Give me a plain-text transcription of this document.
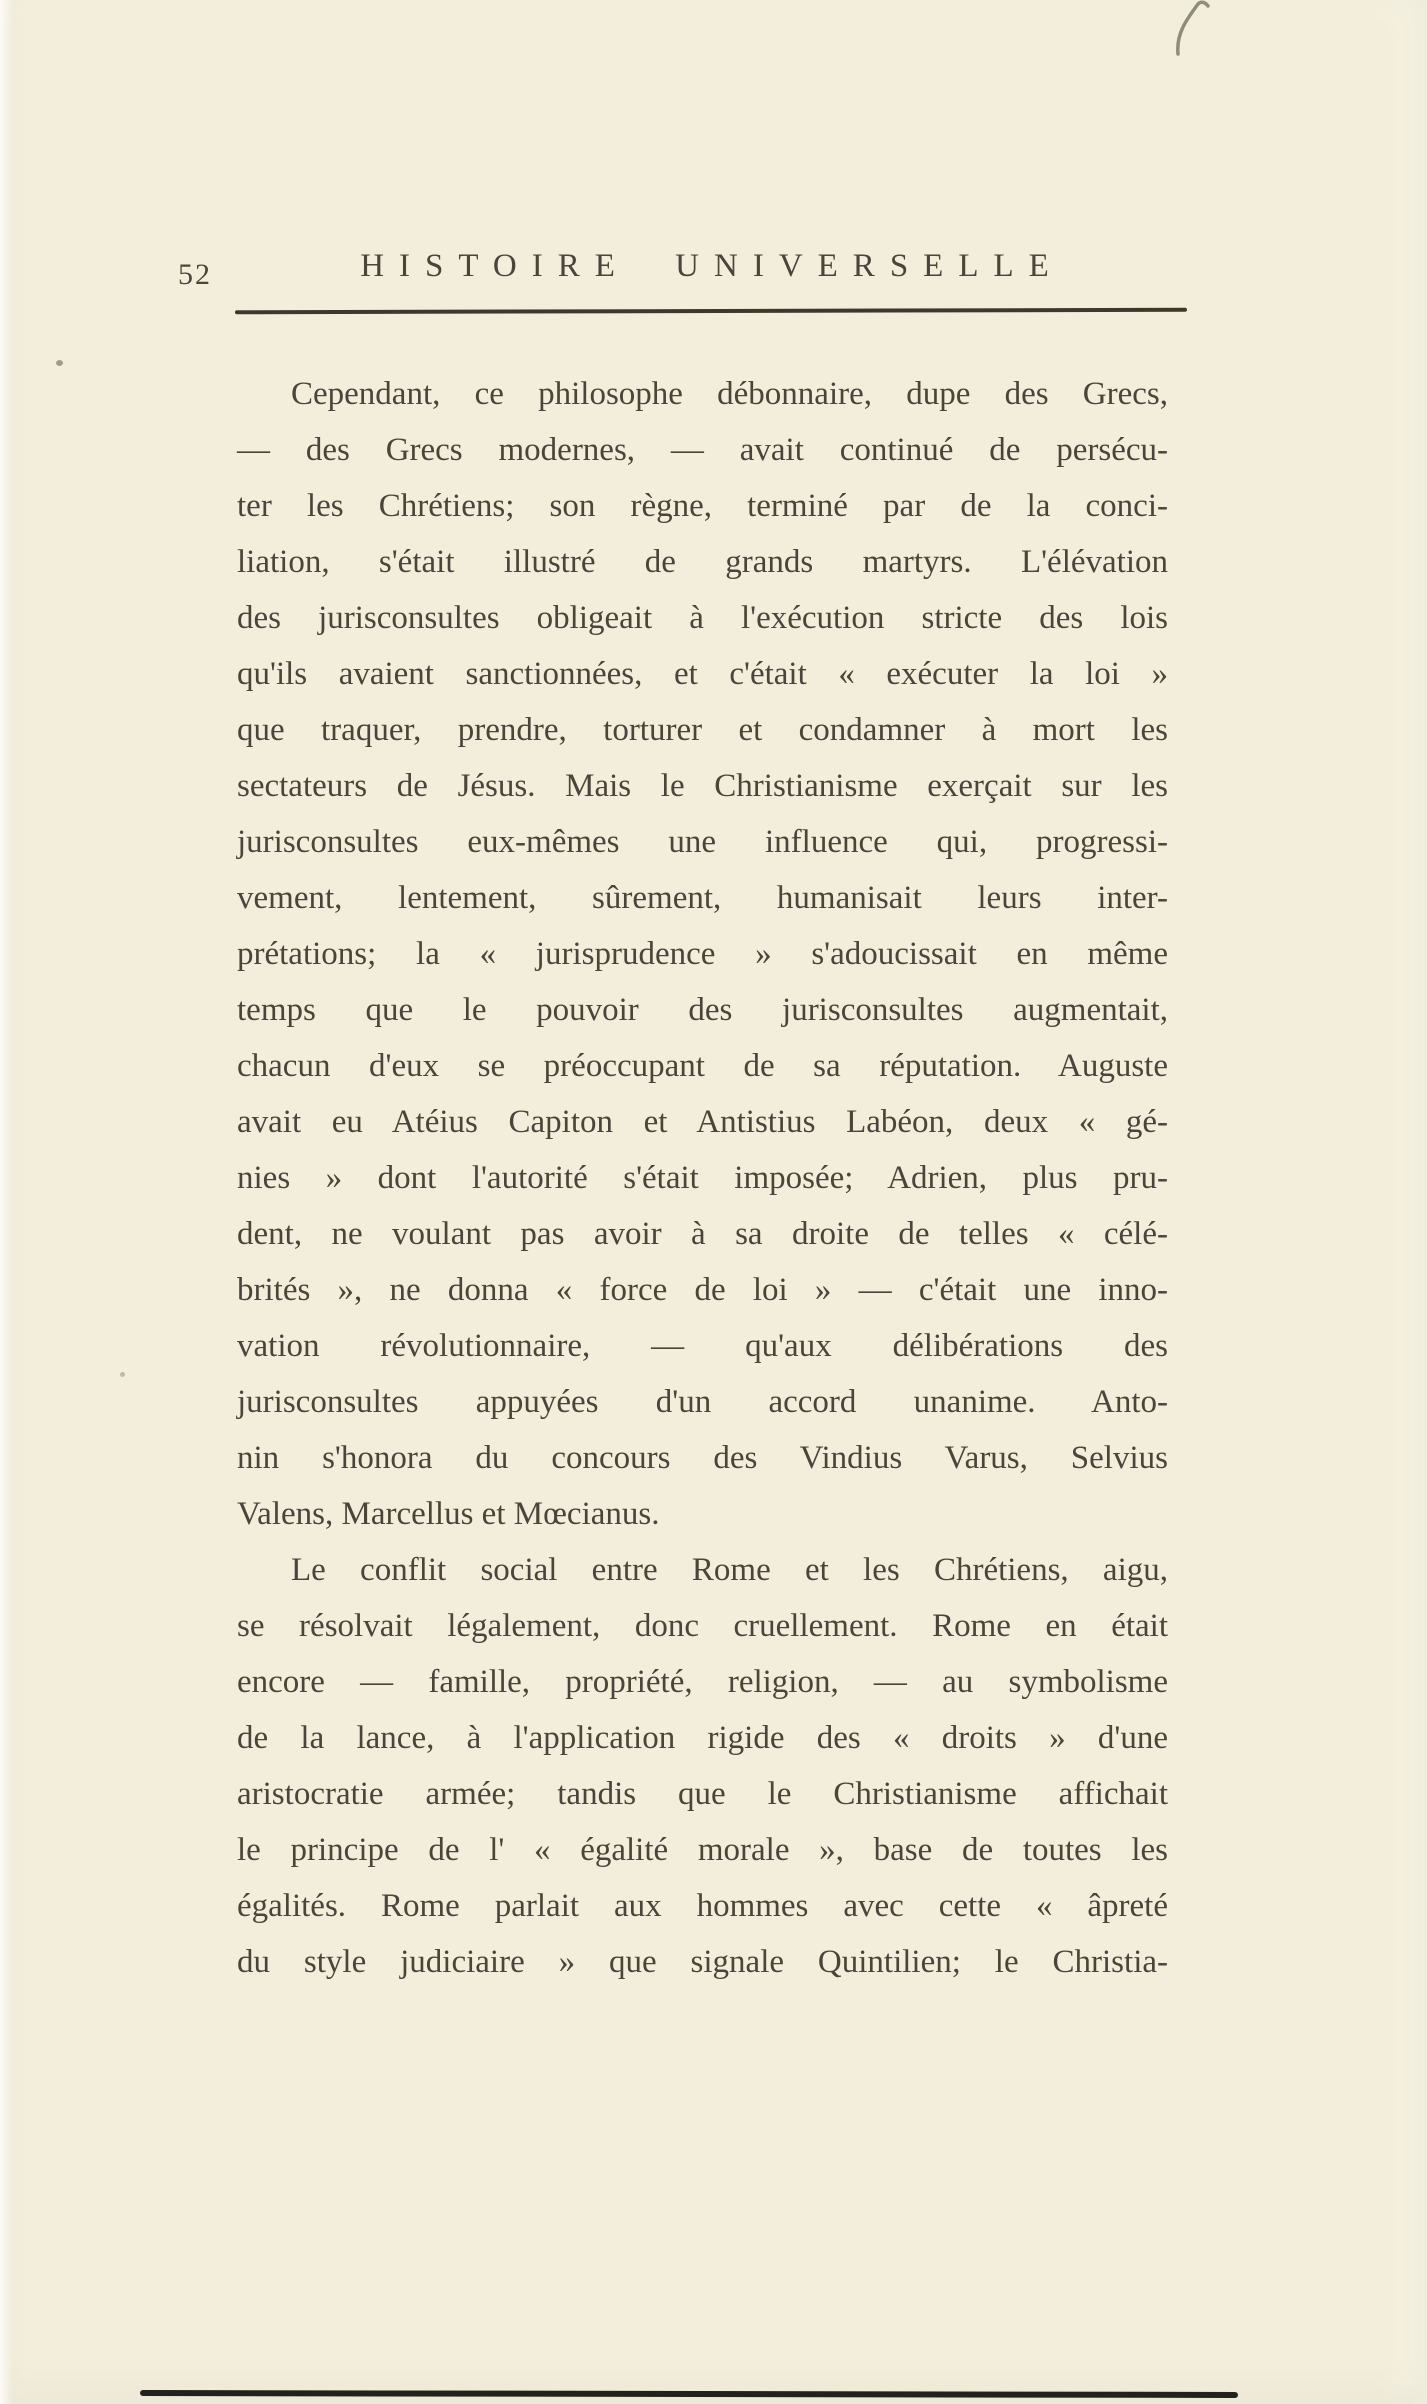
52	HISTOIRE UNIVERSELLE
Cependant, ce philosophe débonnaire, dupe des Grecs,
— des Grecs modernes, — avait continué de persécu-
ter les Chrétiens; son règne, terminé par de la conci-
liation, s'était illustré de grands martyrs. L'élévation
des jurisconsultes obligeait à l'exécution stricte des lois
qu'ils avaient sanctionnées, et c'était « exécuter la loi »
que traquer, prendre, torturer et condamner à mort les
sectateurs de Jésus. Mais le Christianisme exerçait sur les
jurisconsultes eux-mêmes une influence qui, progressi-
vement, lentement, sûrement, humanisait leurs inter-
prétations; la « jurisprudence » s'adoucissait en même
temps que le pouvoir des jurisconsultes augmentait,
chacun d'eux se préoccupant de sa réputation. Auguste
avait eu Atéius Capiton et Antistius Labéon, deux « gé-
nies » dont l'autorité s'était imposée; Adrien, plus pru-
dent, ne voulant pas avoir à sa droite de telles « célé-
brités », ne donna « force de loi » — c'était une inno-
vation révolutionnaire, — qu'aux délibérations des
jurisconsultes appuyées d'un accord unanime. Anto-
nin s'honora du concours des Vindius Varus, Selvius
Valens, Marcellus et Mœcianus.
Le conflit social entre Rome et les Chrétiens, aigu,
se résolvait légalement, donc cruellement. Rome en était
encore — famille, propriété, religion, — au symbolisme
de la lance, à l'application rigide des « droits » d'une
aristocratie armée; tandis que le Christianisme affichait
le principe de l' « égalité morale », base de toutes les
égalités. Rome parlait aux hommes avec cette « âpreté
du style judiciaire » que signale Quintilien; le Christia-
